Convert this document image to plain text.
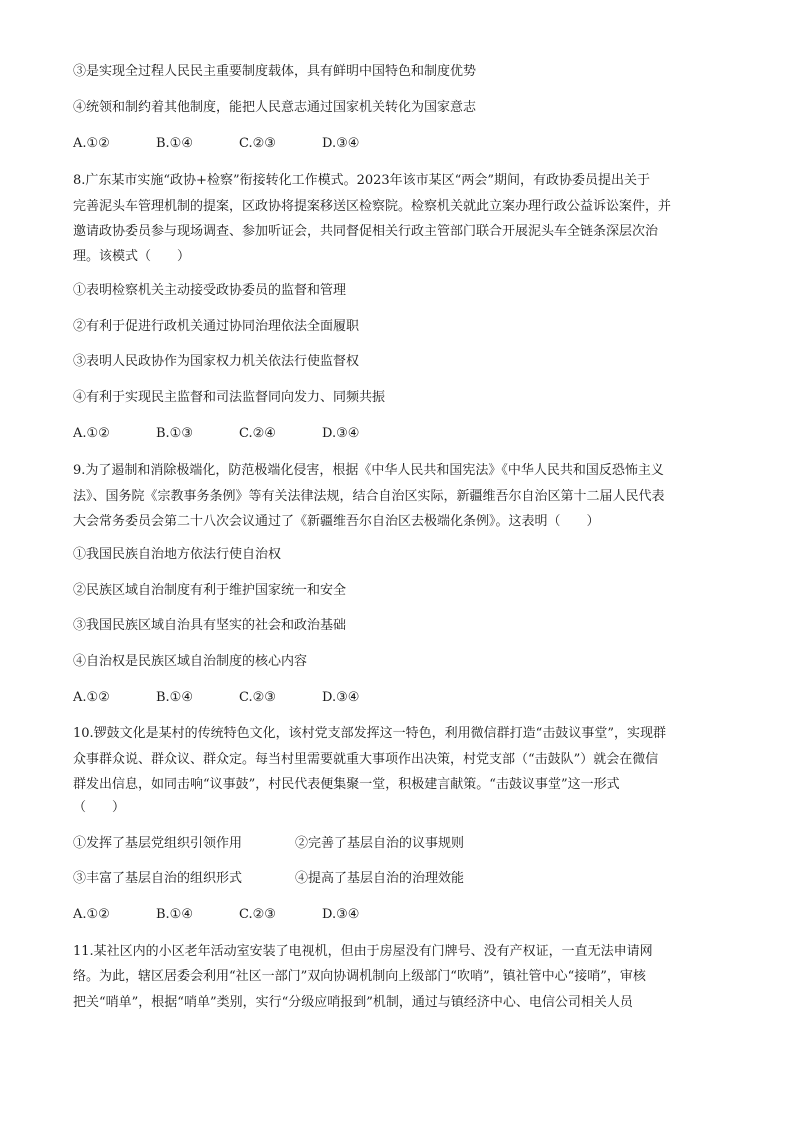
③是实现全过程人民民主重要制度载体，具有鲜明中国特色和制度优势
④统领和制约着其他制度，能把人民意志通过国家机关转化为国家意志
A.①②	B.①④	C.②③	D.③④
8.广东某市实施“政协+检察”衔接转化工作模式。2023年该市某区“两会”期间，有政协委员提出关于
完善泥头车管理机制的提案，区政协将提案移送区检察院。检察机关就此立案办理行政公益诉讼案件，并
邀请政协委员参与现场调查、参加听证会，共同督促相关行政主管部门联合开展泥头车全链条深层次治
理。该模式（　　）
①表明检察机关主动接受政协委员的监督和管理
②有利于促进行政机关通过协同治理依法全面履职
③表明人民政协作为国家权力机关依法行使监督权
④有利于实现民主监督和司法监督同向发力、同频共振
A.①②	B.①③	C.②④	D.③④
9.为了遏制和消除极端化，防范极端化侵害，根据《中华人民共和国宪法》《中华人民共和国反恐怖主义
法》、国务院《宗教事务条例》等有关法律法规，结合自治区实际，新疆维吾尔自治区第十二届人民代表
大会常务委员会第二十八次会议通过了《新疆维吾尔自治区去极端化条例》。这表明（　　）
①我国民族自治地方依法行使自治权
②民族区域自治制度有利于维护国家统一和安全
③我国民族区域自治具有坚实的社会和政治基础
④自治权是民族区域自治制度的核心内容
A.①②	B.①④	C.②③	D.③④
10.锣鼓文化是某村的传统特色文化，该村党支部发挥这一特色，利用微信群打造“击鼓议事堂”，实现群
众事群众说、群众议、群众定。每当村里需要就重大事项作出决策，村党支部（“击鼓队”）就会在微信
群发出信息，如同击响“议事鼓”，村民代表便集聚一堂，积极建言献策。“击鼓议事堂”这一形式
（　　）
①发挥了基层党组织引领作用	②完善了基层自治的议事规则
③丰富了基层自治的组织形式	④提高了基层自治的治理效能
A.①②	B.①④	C.②③	D.③④
11.某社区内的小区老年活动室安装了电视机，但由于房屋没有门牌号、没有产权证，一直无法申请网
络。为此，辖区居委会利用“社区一部门”双向协调机制向上级部门“吹哨”，镇社管中心“接哨”，审核
把关“哨单”，根据“哨单”类别，实行“分级应哨报到”机制，通过与镇经济中心、电信公司相关人员
